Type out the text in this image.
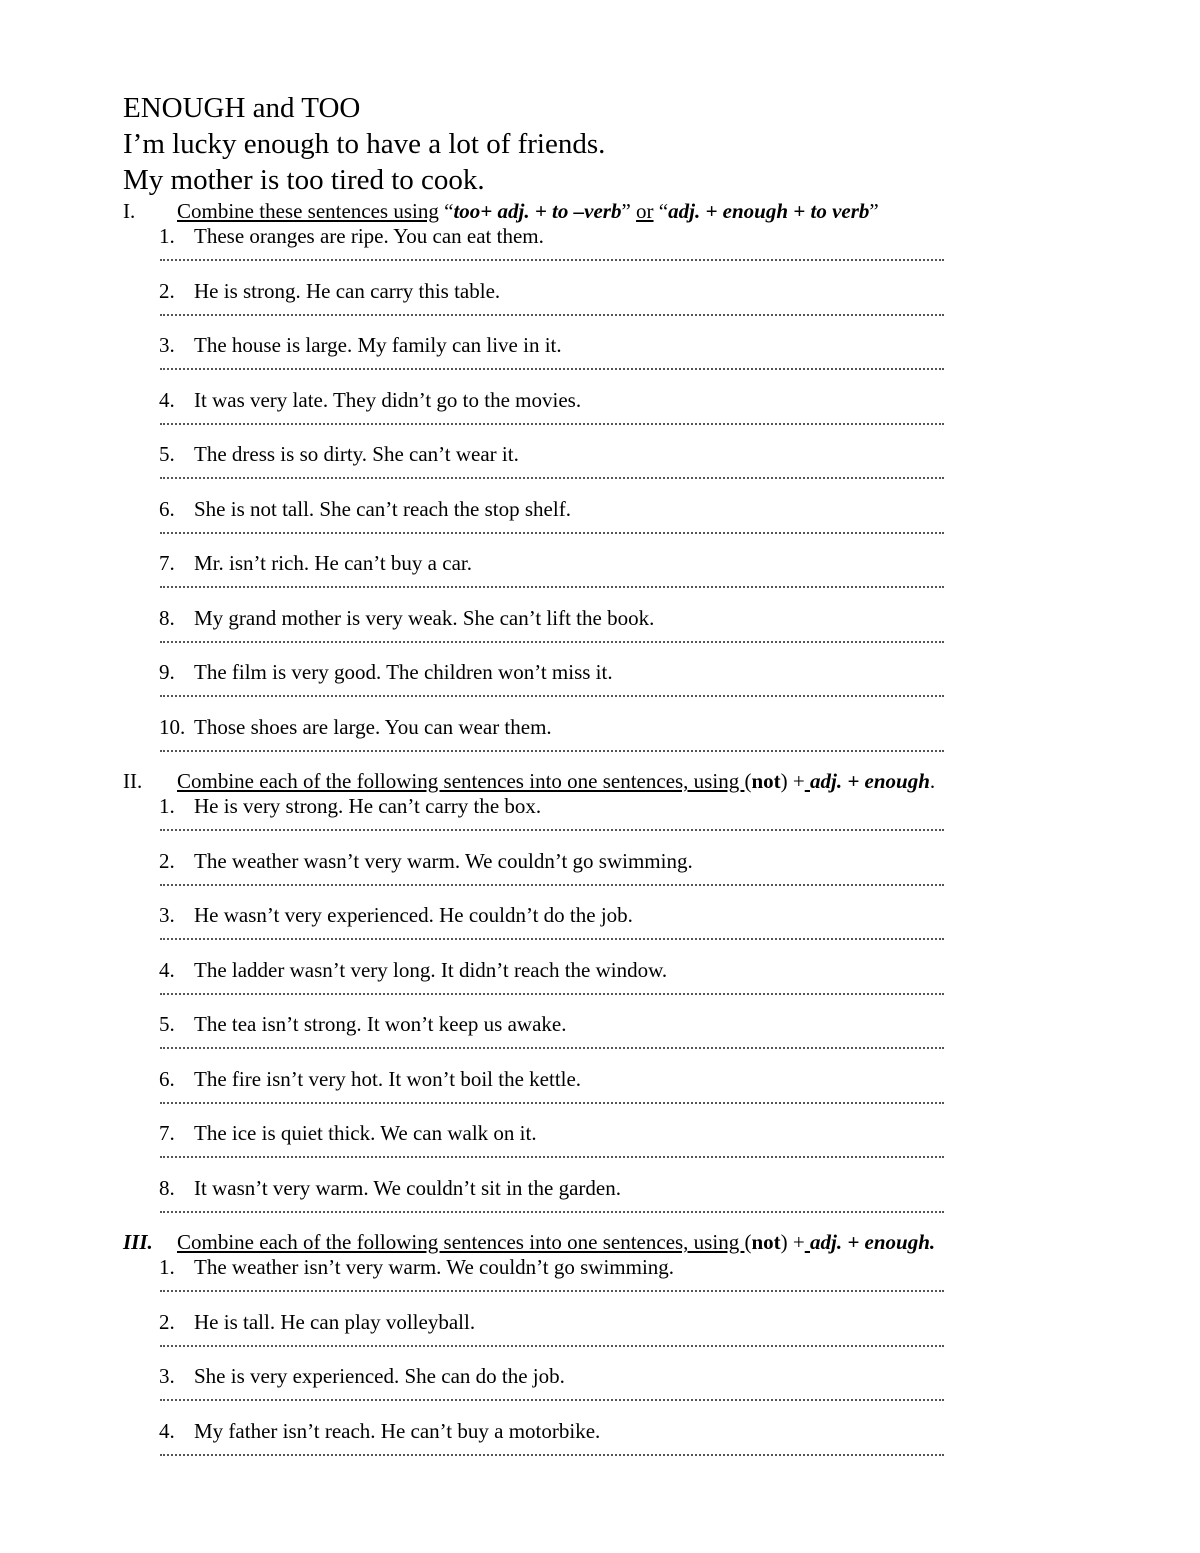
ENOUGH and TOO
I’m lucky enough to have a lot of friends.
My mother is too tired to cook.
I. Combine these sentences using “too+ adj. + to –verb” or “adj. + enough + to verb”
1. These oranges are ripe. You can eat them.
2. He is strong. He can carry this table.
3. The house is large. My family can live in it.
4. It was very late. They didn’t go to the movies.
5. The dress is so dirty. She can’t wear it.
6. She is not tall. She can’t reach the stop shelf.
7. Mr. isn’t rich. He can’t buy a car.
8. My grand mother is very weak. She can’t lift the book.
9. The film is very good. The children won’t miss it.
10. Those shoes are large. You can wear them.
II. Combine each of the following sentences into one sentences, using (not) + adj. + enough.
1. He is very strong. He can’t carry the box.
2. The weather wasn’t very warm. We couldn’t go swimming.
3. He wasn’t very experienced. He couldn’t do the job.
4. The ladder wasn’t very long. It didn’t reach the window.
5. The tea isn’t strong. It won’t keep us awake.
6. The fire isn’t very hot. It won’t boil the kettle.
7. The ice is quiet thick. We can walk on it.
8. It wasn’t very warm. We couldn’t sit in the garden.
III. Combine each of the following sentences into one sentences, using (not) + adj. + enough.
1. The weather isn’t very warm. We couldn’t go swimming.
2. He is tall. He can play volleyball.
3. She is very experienced. She can do the job.
4. My father isn’t reach. He can’t buy a motorbike.
